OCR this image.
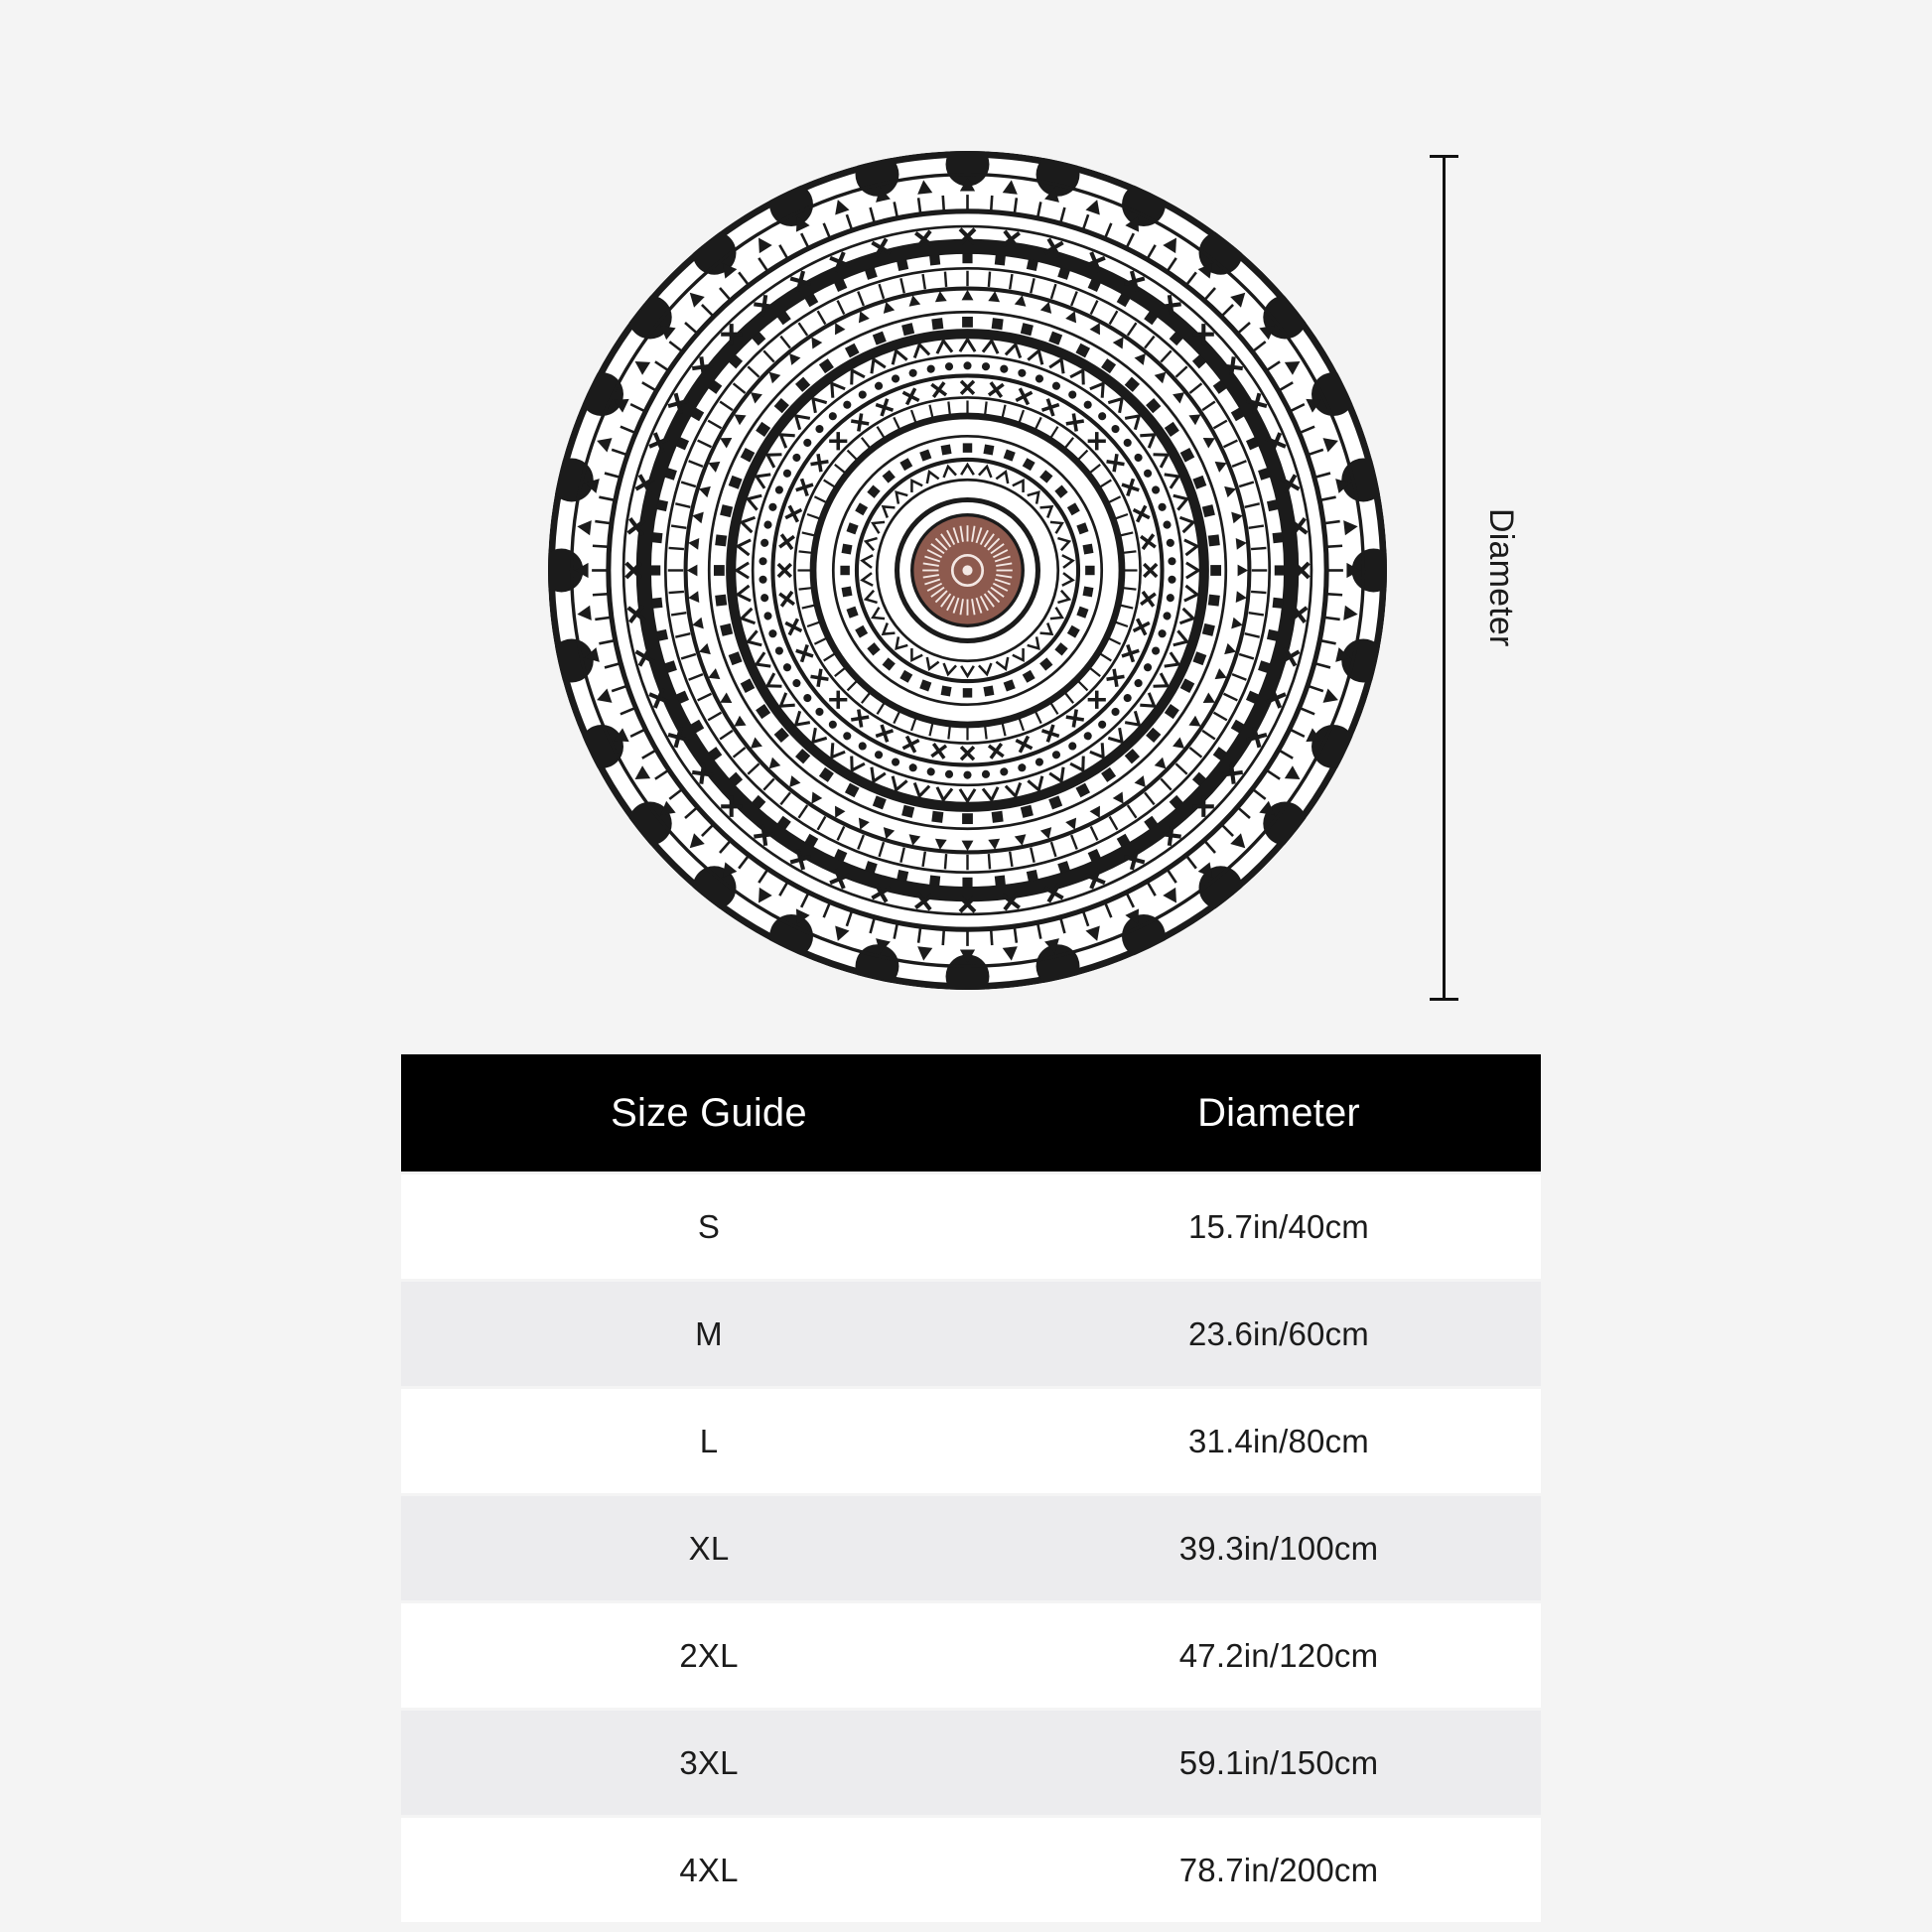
Diameter
Size Guide	Diameter
S	15.7in/40cm
M	23.6in/60cm
L	31.4in/80cm
XL	39.3in/100cm
2XL	47.2in/120cm
3XL	59.1in/150cm
4XL	78.7in/200cm
